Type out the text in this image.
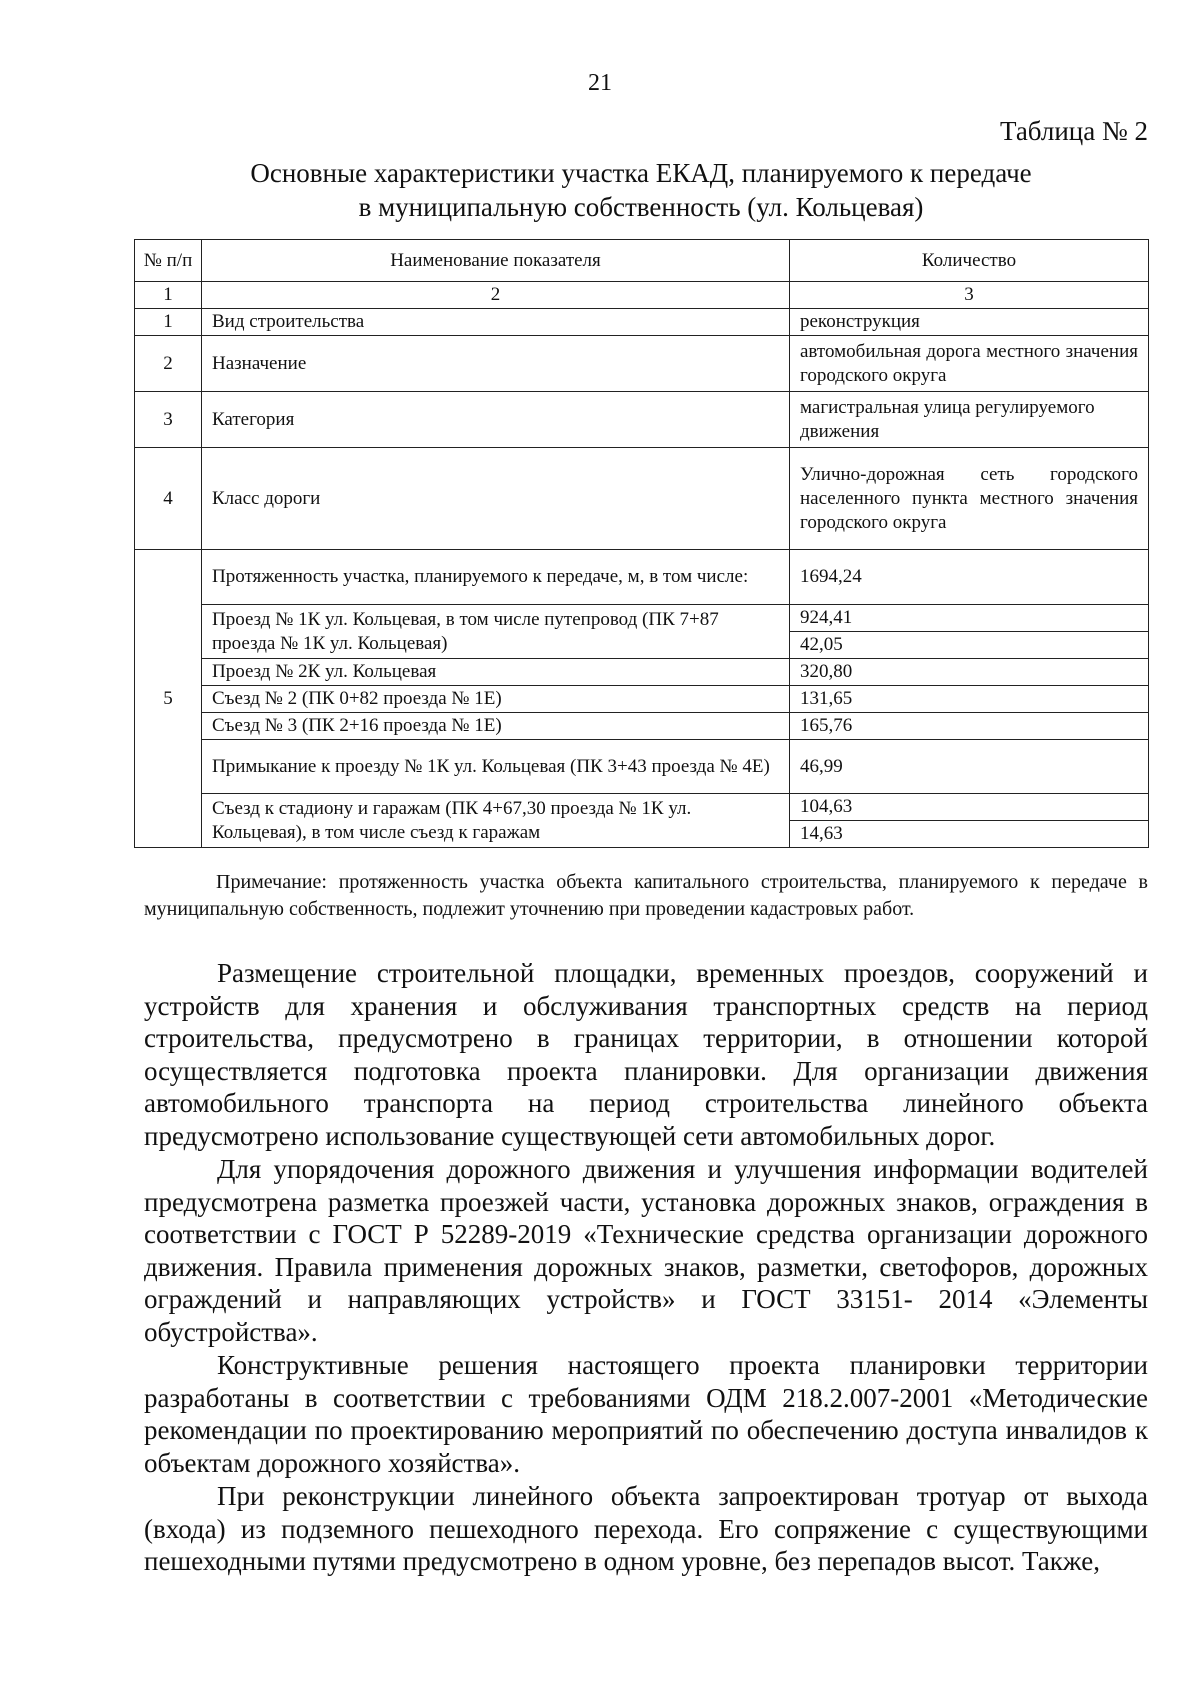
21
Таблица № 2
Основные характеристики участка ЕКАД, планируемого к передаче
в муниципальную собственность (ул. Кольцевая)
№ п/п	Наименование показателя	Количество
1	2	3
1	Вид строительства	реконструкция
2	Назначение	автомобильная дорога местного значения городского округа
3	Категория	магистральная улица регулируемого движения
4	Класс дороги	Улично-дорожная сеть городского населенного пункта местного значения городского округа
5	Протяженность участка, планируемого к передаче, м, в том числе:	1694,24
	Проезд № 1К ул. Кольцевая, в том числе путепровод (ПК 7+87 проезда № 1К ул. Кольцевая)	924,41
		42,05
	Проезд № 2К ул. Кольцевая	320,80
	Съезд № 2 (ПК 0+82 проезда № 1Е)	131,65
	Съезд № 3 (ПК 2+16 проезда № 1Е)	165,76
	Примыкание к проезду № 1К ул. Кольцевая (ПК 3+43 проезда № 4Е)	46,99
	Съезд к стадиону и гаражам (ПК 4+67,30 проезда № 1К ул. Кольцевая), в том числе съезд к гаражам	104,63
		14,63

Примечание: протяженность участка объекта капитального строительства, планируемого к передаче в муниципальную собственность, подлежит уточнению при проведении кадастровых работ.

Размещение строительной площадки, временных проездов, сооружений и устройств для хранения и обслуживания транспортных средств на период строительства, предусмотрено в границах территории, в отношении которой осуществляется подготовка проекта планировки. Для организации движения автомобильного транспорта на период строительства линейного объекта предусмотрено использование существующей сети автомобильных дорог.

Для упорядочения дорожного движения и улучшения информации водителей предусмотрена разметка проезжей части, установка дорожных знаков, ограждения в соответствии с ГОСТ Р 52289-2019 «Технические средства организации дорожного движения. Правила применения дорожных знаков, разметки, светофоров, дорожных ограждений и направляющих устройств» и ГОСТ 33151- 2014 «Элементы обустройства».

Конструктивные решения настоящего проекта планировки территории разработаны в соответствии с требованиями ОДМ 218.2.007-2001 «Методические рекомендации по проектированию мероприятий по обеспечению доступа инвалидов к объектам дорожного хозяйства».

При реконструкции линейного объекта запроектирован тротуар от выхода (входа) из подземного пешеходного перехода. Его сопряжение с существующими пешеходными путями предусмотрено в одном уровне, без перепадов высот. Также,
